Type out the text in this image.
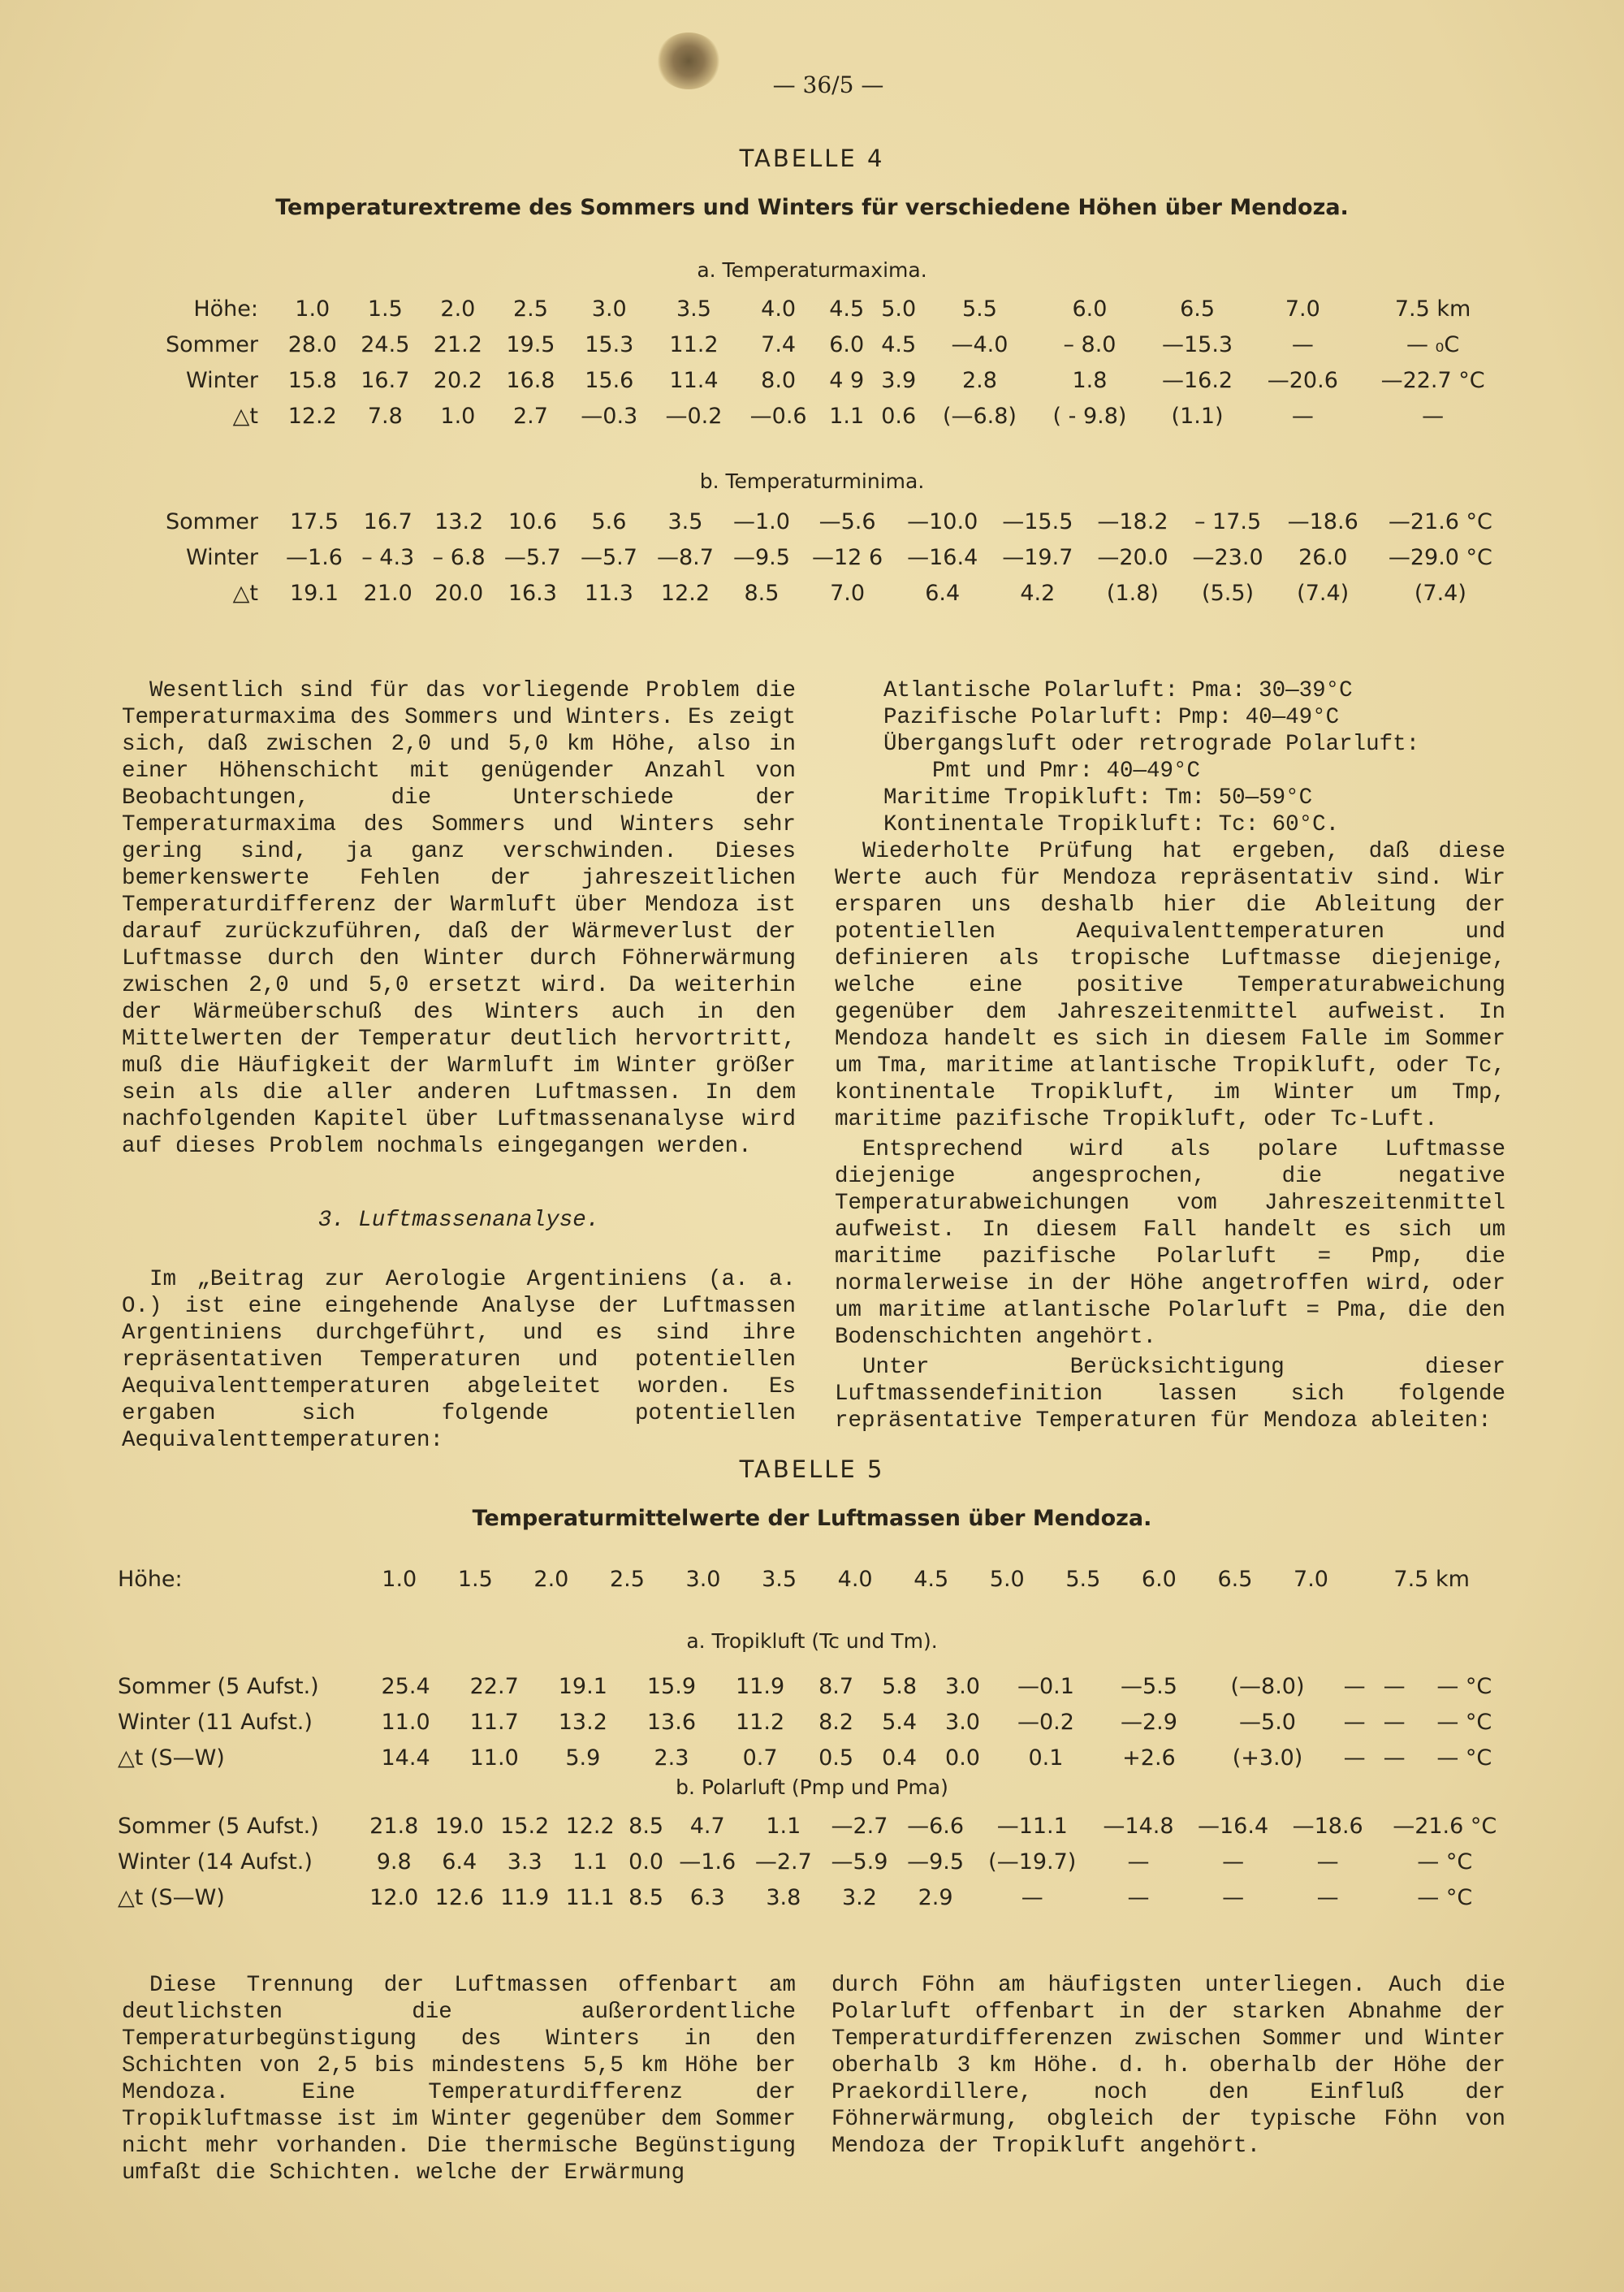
— 36/5 —
TABELLE 4
Temperaturextreme des Sommers und Winters für verschiedene Höhen über Mendoza.
a. Temperaturmaxima.
Höhe:	1.0	1.5	2.0	2.5	3.0	3.5	4.0	4.5	5.0	5.5	6.0	6.5	7.0	7.5 km
Sommer	28.0	24.5	21.2	19.5	15.3	11.2	7.4	6.0	4.5	—4.0	– 8.0	—15.3	—	— ₀C
Winter	15.8	16.7	20.2	16.8	15.6	11.4	8.0	4 9	3.9	2.8	1.8	—16.2	—20.6	—22.7 °C
△t	12.2	7.8	1.0	2.7	—0.3	—0.2	—0.6	1.1	0.6	(—6.8)	( - 9.8)	(1.1)	—	—
b. Temperaturminima.
Sommer	17.5	16.7	13.2	10.6	5.6	3.5	—1.0	—5.6	—10.0	—15.5	—18.2	– 17.5	—18.6	—21.6 °C
Winter	—1.6	– 4.3	– 6.8	—5.7	—5.7	—8.7	—9.5	—12 6	—16.4	—19.7	—20.0	—23.0	26.0	—29.0 °C
△t	19.1	21.0	20.0	16.3	11.3	12.2	8.5	7.0	6.4	4.2	(1.8)	(5.5)	(7.4)	(7.4)

Wesentlich sind für das vorliegende Problem die Temperaturmaxima des Sommers und Winters. Es zeigt sich, daß zwischen 2,0 und 5,0 km Höhe, also in einer Höhenschicht mit genügender Anzahl von Beobachtungen, die Unterschiede der Temperaturmaxima des Sommers und Winters sehr gering sind, ja ganz verschwinden. Dieses bemerkenswerte Fehlen der jahreszeitlichen Temperaturdifferenz der Warmluft über Mendoza ist darauf zurückzuführen, daß der Wärmeverlust der Luftmasse durch den Winter durch Föhnerwärmung zwischen 2,0 und 5,0 ersetzt wird. Da weiterhin der Wärmeüberschuß des Winters auch in den Mittelwerten der Temperatur deutlich hervortritt, muß die Häufigkeit der Warmluft im Winter größer sein als die aller anderen Luftmassen. In dem nachfolgenden Kapitel über Luftmassenanalyse wird auf dieses Problem nochmals eingegangen werden.

3. Luftmassenanalyse.

Im „Beitrag zur Aerologie Argentiniens (a. a. O.) ist eine eingehende Analyse der Luftmassen Argentiniens durchgeführt, und es sind ihre repräsentativen Temperaturen und potentiellen Aequivalenttemperaturen abgeleitet worden. Es ergaben sich folgende potentiellen Aequivalenttemperaturen:

Atlantische Polarluft: Pma: 30—39°C

Pazifische Polarluft: Pmp: 40—49°C

Übergangsluft oder retrograde Polarluft:

Pmt und Pmr: 40—49°C

Maritime Tropikluft: Tm: 50—59°C

Kontinentale Tropikluft: Tc: 60°C.

Wiederholte Prüfung hat ergeben, daß diese Werte auch für Mendoza repräsentativ sind. Wir ersparen uns deshalb hier die Ableitung der potentiellen Aequivalenttemperaturen und definieren als tropische Luftmasse diejenige, welche eine positive Temperaturabweichung gegenüber dem Jahreszeitenmittel aufweist. In Mendoza handelt es sich in diesem Falle im Sommer um Tma, maritime atlantische Tropikluft, oder Tc, kontinentale Tropikluft, im Winter um Tmp, maritime pazifische Tropikluft, oder Tc-Luft.

Entsprechend wird als polare Luftmasse diejenige angesprochen, die negative Temperaturabweichungen vom Jahreszeitenmittel aufweist. In diesem Fall handelt es sich um maritime pazifische Polarluft = Pmp, die normalerweise in der Höhe angetroffen wird, oder um maritime atlantische Polarluft = Pma, die den Bodenschichten angehört.

Unter Berücksichtigung dieser Luftmassendefinition lassen sich folgende repräsentative Temperaturen für Mendoza ableiten:

TABELLE 5
Temperaturmittelwerte der Luftmassen über Mendoza.
Höhe:	1.0	1.5	2.0	2.5	3.0	3.5	4.0	4.5	5.0	5.5	6.0	6.5	7.0	7.5 km
a. Tropikluft (Tc und Tm).
Sommer (5 Aufst.)	25.4	22.7	19.1	15.9	11.9	8.7	5.8	3.0	—0.1	—5.5	(—8.0)	—	—	— °C
Winter (11 Aufst.)	11.0	11.7	13.2	13.6	11.2	8.2	5.4	3.0	—0.2	—2.9	—5.0	—	—	— °C
△t (S—W)	14.4	11.0	5.9	2.3	0.7	0.5	0.4	0.0	0.1	+2.6	(+3.0)	—	—	— °C
b. Polarluft (Pmp und Pma)
Sommer (5 Aufst.)	21.8	19.0	15.2	12.2	8.5	4.7	1.1	—2.7	—6.6	—11.1	—14.8	—16.4	—18.6	—21.6 °C
Winter (14 Aufst.)	9.8	6.4	3.3	1.1	0.0	—1.6	—2.7	—5.9	—9.5	(—19.7)	—	—	—	— °C
△t (S—W)	12.0	12.6	11.9	11.1	8.5	6.3	3.8	3.2	2.9	—	—	—	—	— °C

Diese Trennung der Luftmassen offenbart am deutlichsten die außerordentliche Temperaturbegünstigung des Winters in den Schichten von 2,5 bis mindestens 5,5 km Höhe ber Mendoza. Eine Temperaturdifferenz der Tropikluftmasse ist im Winter gegenüber dem Sommer nicht mehr vorhanden. Die thermische Begünstigung umfaßt die Schichten. welche der Erwärmung

durch Föhn am häufigsten unterliegen. Auch die Polarluft offenbart in der starken Abnahme der Temperaturdifferenzen zwischen Sommer und Winter oberhalb 3 km Höhe. d. h. oberhalb der Höhe der Praekordillere, noch den Einfluß der Föhnerwärmung, obgleich der typische Föhn von Mendoza der Tropikluft angehört.
